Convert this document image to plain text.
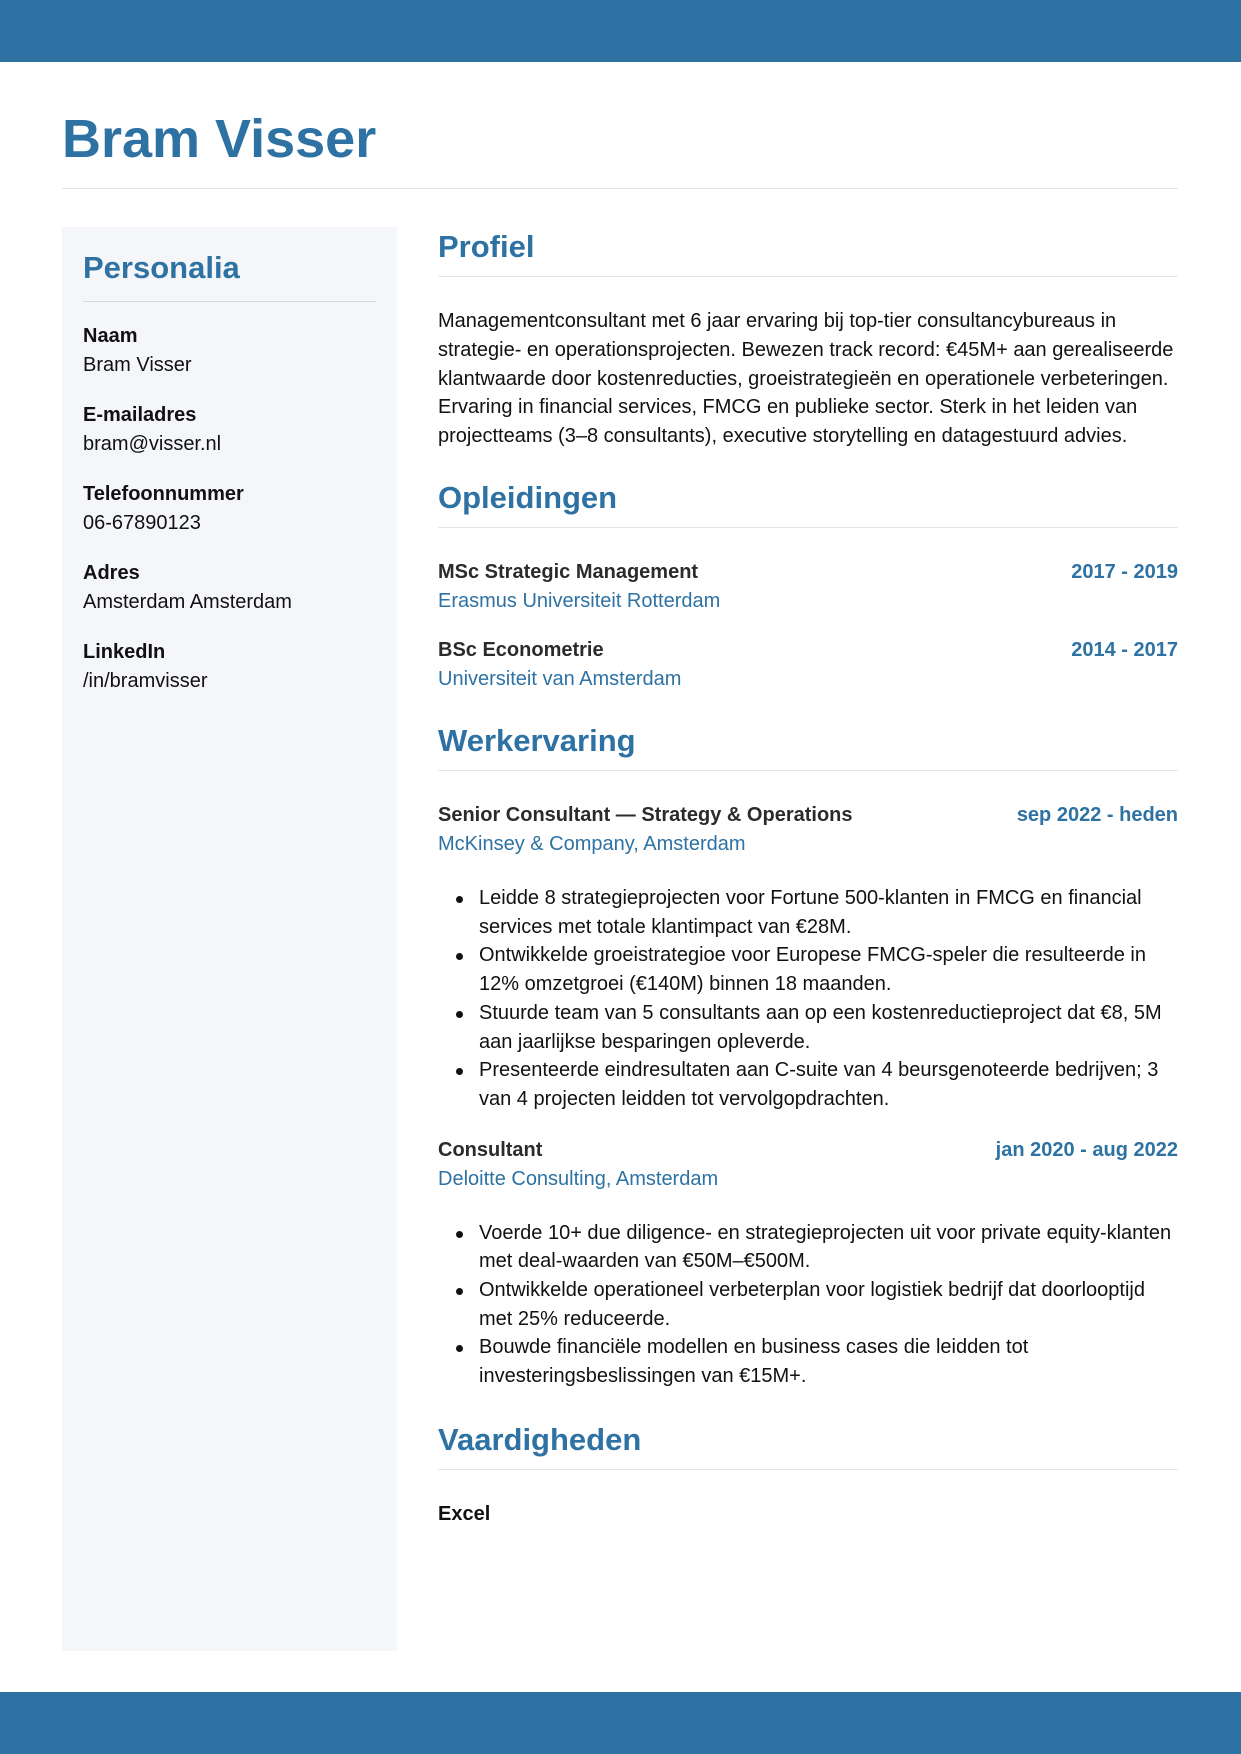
Bram Visser
Personalia
Naam
Bram Visser
E-mailadres
bram@visser.nl
Telefoonnummer
06-67890123
Adres
Amsterdam Amsterdam
LinkedIn
/in/bramvisser
Profiel

Managementconsultant met 6 jaar ervaring bij top-tier consultancybureaus in strategie- en operationsprojecten. Bewezen track record: €45M+ aan gerealiseerde klantwaarde door kostenreducties, groeistrategieën en operationele verbeteringen. Ervaring in financial services, FMCG en publieke sector. Sterk in het leiden van projectteams (3–8 consultants), executive storytelling en datagestuurd advies.

Opleidingen
MSc Strategic Management	2017 - 2019
Erasmus Universiteit Rotterdam
BSc Econometrie	2014 - 2017
Universiteit van Amsterdam
Werkervaring
Senior Consultant — Strategy & Operations	sep 2022 - heden
McKinsey & Company, Amsterdam
Leidde 8 strategieprojecten voor Fortune 500-klanten in FMCG en financial services met totale klantimpact van €28M.
Ontwikkelde groeistrategioe voor Europese FMCG-speler die resulteerde in 12% omzetgroei (€140M) binnen 18 maanden.
Stuurde team van 5 consultants aan op een kostenreductieproject dat €8, 5M aan jaarlijkse besparingen opleverde.
Presenteerde eindresultaten aan C-suite van 4 beursgenoteerde bedrijven; 3 van 4 projecten leidden tot vervolgopdrachten.
Consultant	jan 2020 - aug 2022
Deloitte Consulting, Amsterdam
Voerde 10+ due diligence- en strategieprojecten uit voor private equity-klanten met deal-waarden van €50M–€500M.
Ontwikkelde operationeel verbeterplan voor logistiek bedrijf dat doorlooptijd met 25% reduceerde.
Bouwde financiële modellen en business cases die leidden tot investeringsbeslissingen van €15M+.
Vaardigheden
Excel
